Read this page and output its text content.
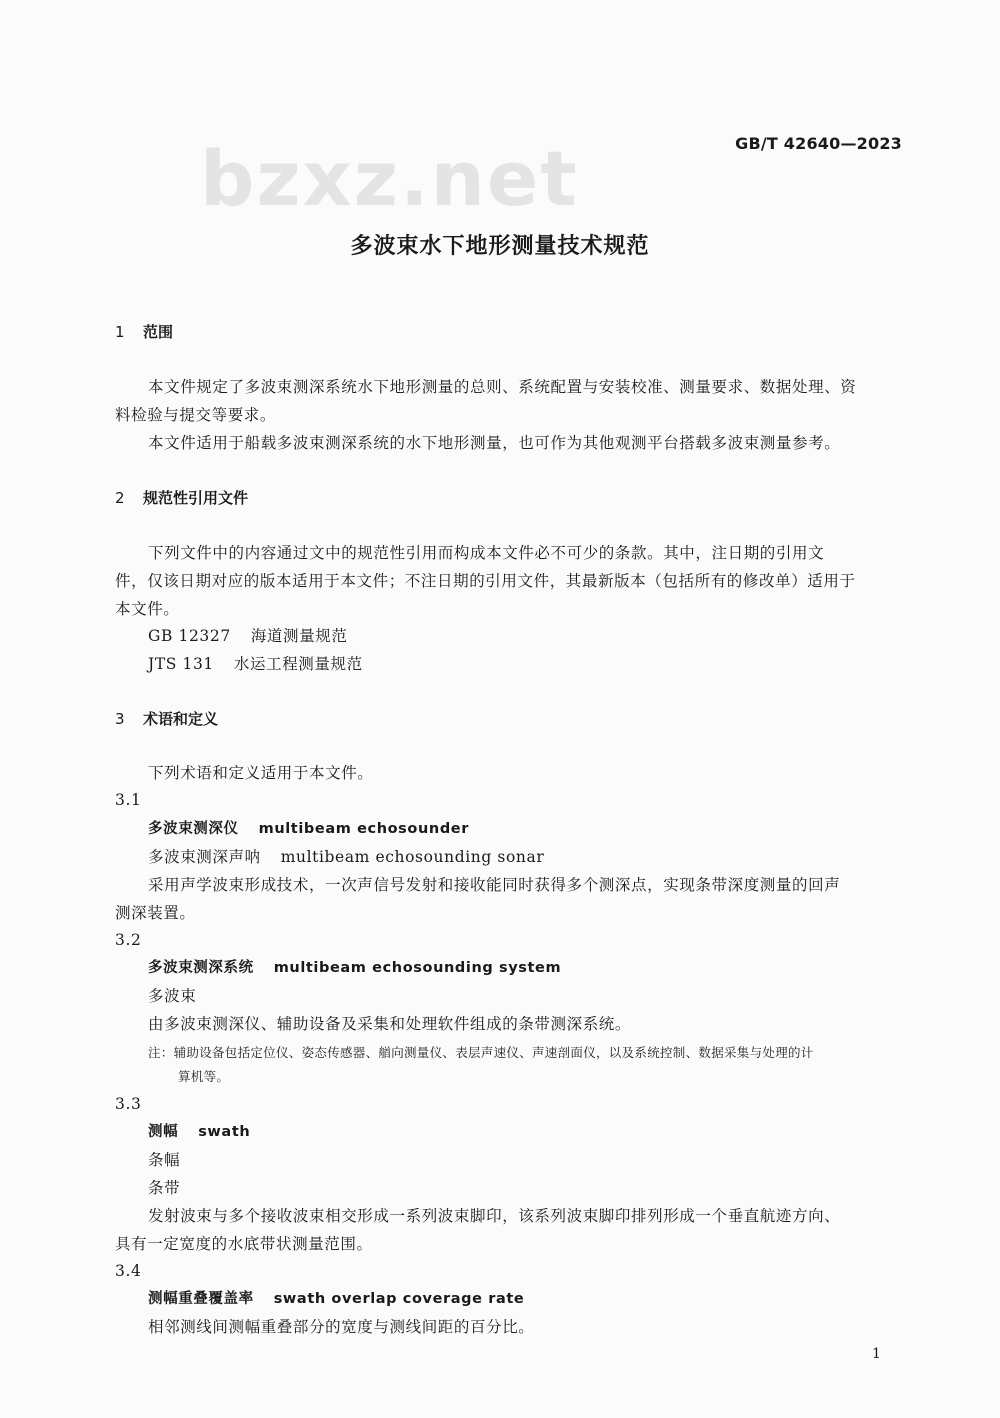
GB/T 42640—2023
bzxz.net
多波束水下地形测量技术规范
1 范围
本文件规定了多波束测深系统水下地形测量的总则、系统配置与安装校准、测量要求、数据处理、资
料检验与提交等要求。
本文件适用于船载多波束测深系统的水下地形测量，也可作为其他观测平台搭载多波束测量参考。
2 规范性引用文件
下列文件中的内容通过文中的规范性引用而构成本文件必不可少的条款。其中，注日期的引用文
件，仅该日期对应的版本适用于本文件；不注日期的引用文件，其最新版本（包括所有的修改单）适用于
本文件。
GB 12327 海道测量规范
JTS 131 水运工程测量规范
3 术语和定义
下列术语和定义适用于本文件。
3.1
多波束测深仪 multibeam echosounder
多波束测深声呐 multibeam echosounding sonar
采用声学波束形成技术，一次声信号发射和接收能同时获得多个测深点，实现条带深度测量的回声
测深装置。
3.2
多波束测深系统 multibeam echosounding system
多波束
由多波束测深仪、辅助设备及采集和处理软件组成的条带测深系统。
注：辅助设备包括定位仪、姿态传感器、艏向测量仪、表层声速仪、声速剖面仪，以及系统控制、数据采集与处理的计
算机等。
3.3
测幅 swath
条幅
条带
发射波束与多个接收波束相交形成一系列波束脚印，该系列波束脚印排列形成一个垂直航迹方向、
具有一定宽度的水底带状测量范围。
3.4
测幅重叠覆盖率 swath overlap coverage rate
相邻测线间测幅重叠部分的宽度与测线间距的百分比。
1
